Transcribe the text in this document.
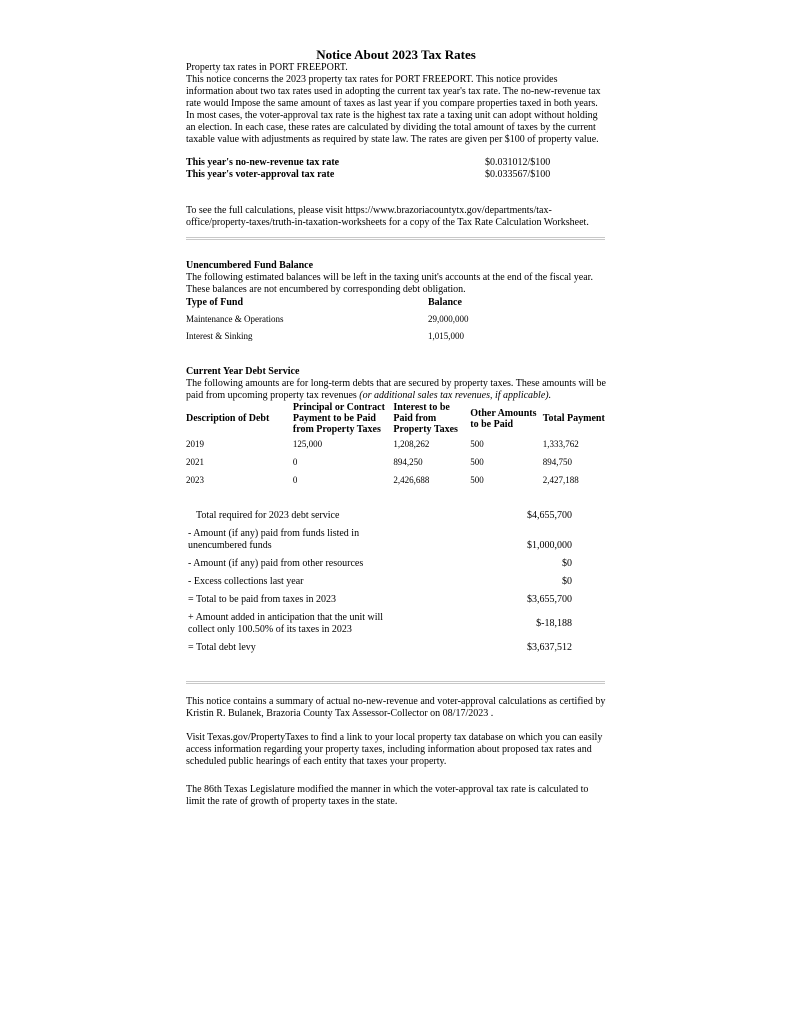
Notice About 2023 Tax Rates

Property tax rates in PORT FREEPORT.

This notice concerns the 2023 property tax rates for PORT FREEPORT. This notice provides information about two tax rates used in adopting the current tax year's tax rate. The no-new-revenue tax rate would Impose the same amount of taxes as last year if you compare properties taxed in both years. In most cases, the voter-approval tax rate is the highest tax rate a taxing unit can adopt without holding an election. In each case, these rates are calculated by dividing the total amount of taxes by the current taxable value with adjustments as required by state law. The rates are given per $100 of property value.

This year's no-new-revenue tax rate	$0.031012/$100
This year's voter-approval tax rate	$0.033567/$100

To see the full calculations, please visit https://www.brazoriacountytx.gov/departments/tax-office/property-taxes/truth-in-taxation-worksheets for a copy of the Tax Rate Calculation Worksheet.

Unencumbered Fund Balance

The following estimated balances will be left in the taxing unit's accounts at the end of the fiscal year. These balances are not encumbered by corresponding debt obligation.

Type of Fund	Balance
Maintenance & Operations	29,000,000
Interest & Sinking	1,015,000

Current Year Debt Service

The following amounts are for long-term debts that are secured by property taxes. These amounts will be paid from upcoming property tax revenues (or additional sales tax revenues, if applicable).

Description of Debt	Principal or Contract Payment to be Paid from Property Taxes	Interest to be Paid from Property Taxes	Other Amounts to be Paid	Total Payment
2019	125,000	1,208,262	500	1,333,762
2021	0	894,250	500	894,750
2023	0	2,426,688	500	2,427,188
Total required for 2023 debt service	$4,655,700
- Amount (if any) paid from funds listed in unencumbered funds	$1,000,000
- Amount (if any) paid from other resources	$0
- Excess collections last year	$0
= Total to be paid from taxes in 2023	$3,655,700
+ Amount added in anticipation that the unit will collect only 100.50% of its taxes in 2023	$-18,188
= Total debt levy	$3,637,512

This notice contains a summary of actual no-new-revenue and voter-approval calculations as certified by Kristin R. Bulanek, Brazoria County Tax Assessor-Collector on 08/17/2023 .

Visit Texas.gov/PropertyTaxes to find a link to your local property tax database on which you can easily access information regarding your property taxes, including information about proposed tax rates and scheduled public hearings of each entity that taxes your property.

The 86th Texas Legislature modified the manner in which the voter-approval tax rate is calculated to limit the rate of growth of property taxes in the state.
